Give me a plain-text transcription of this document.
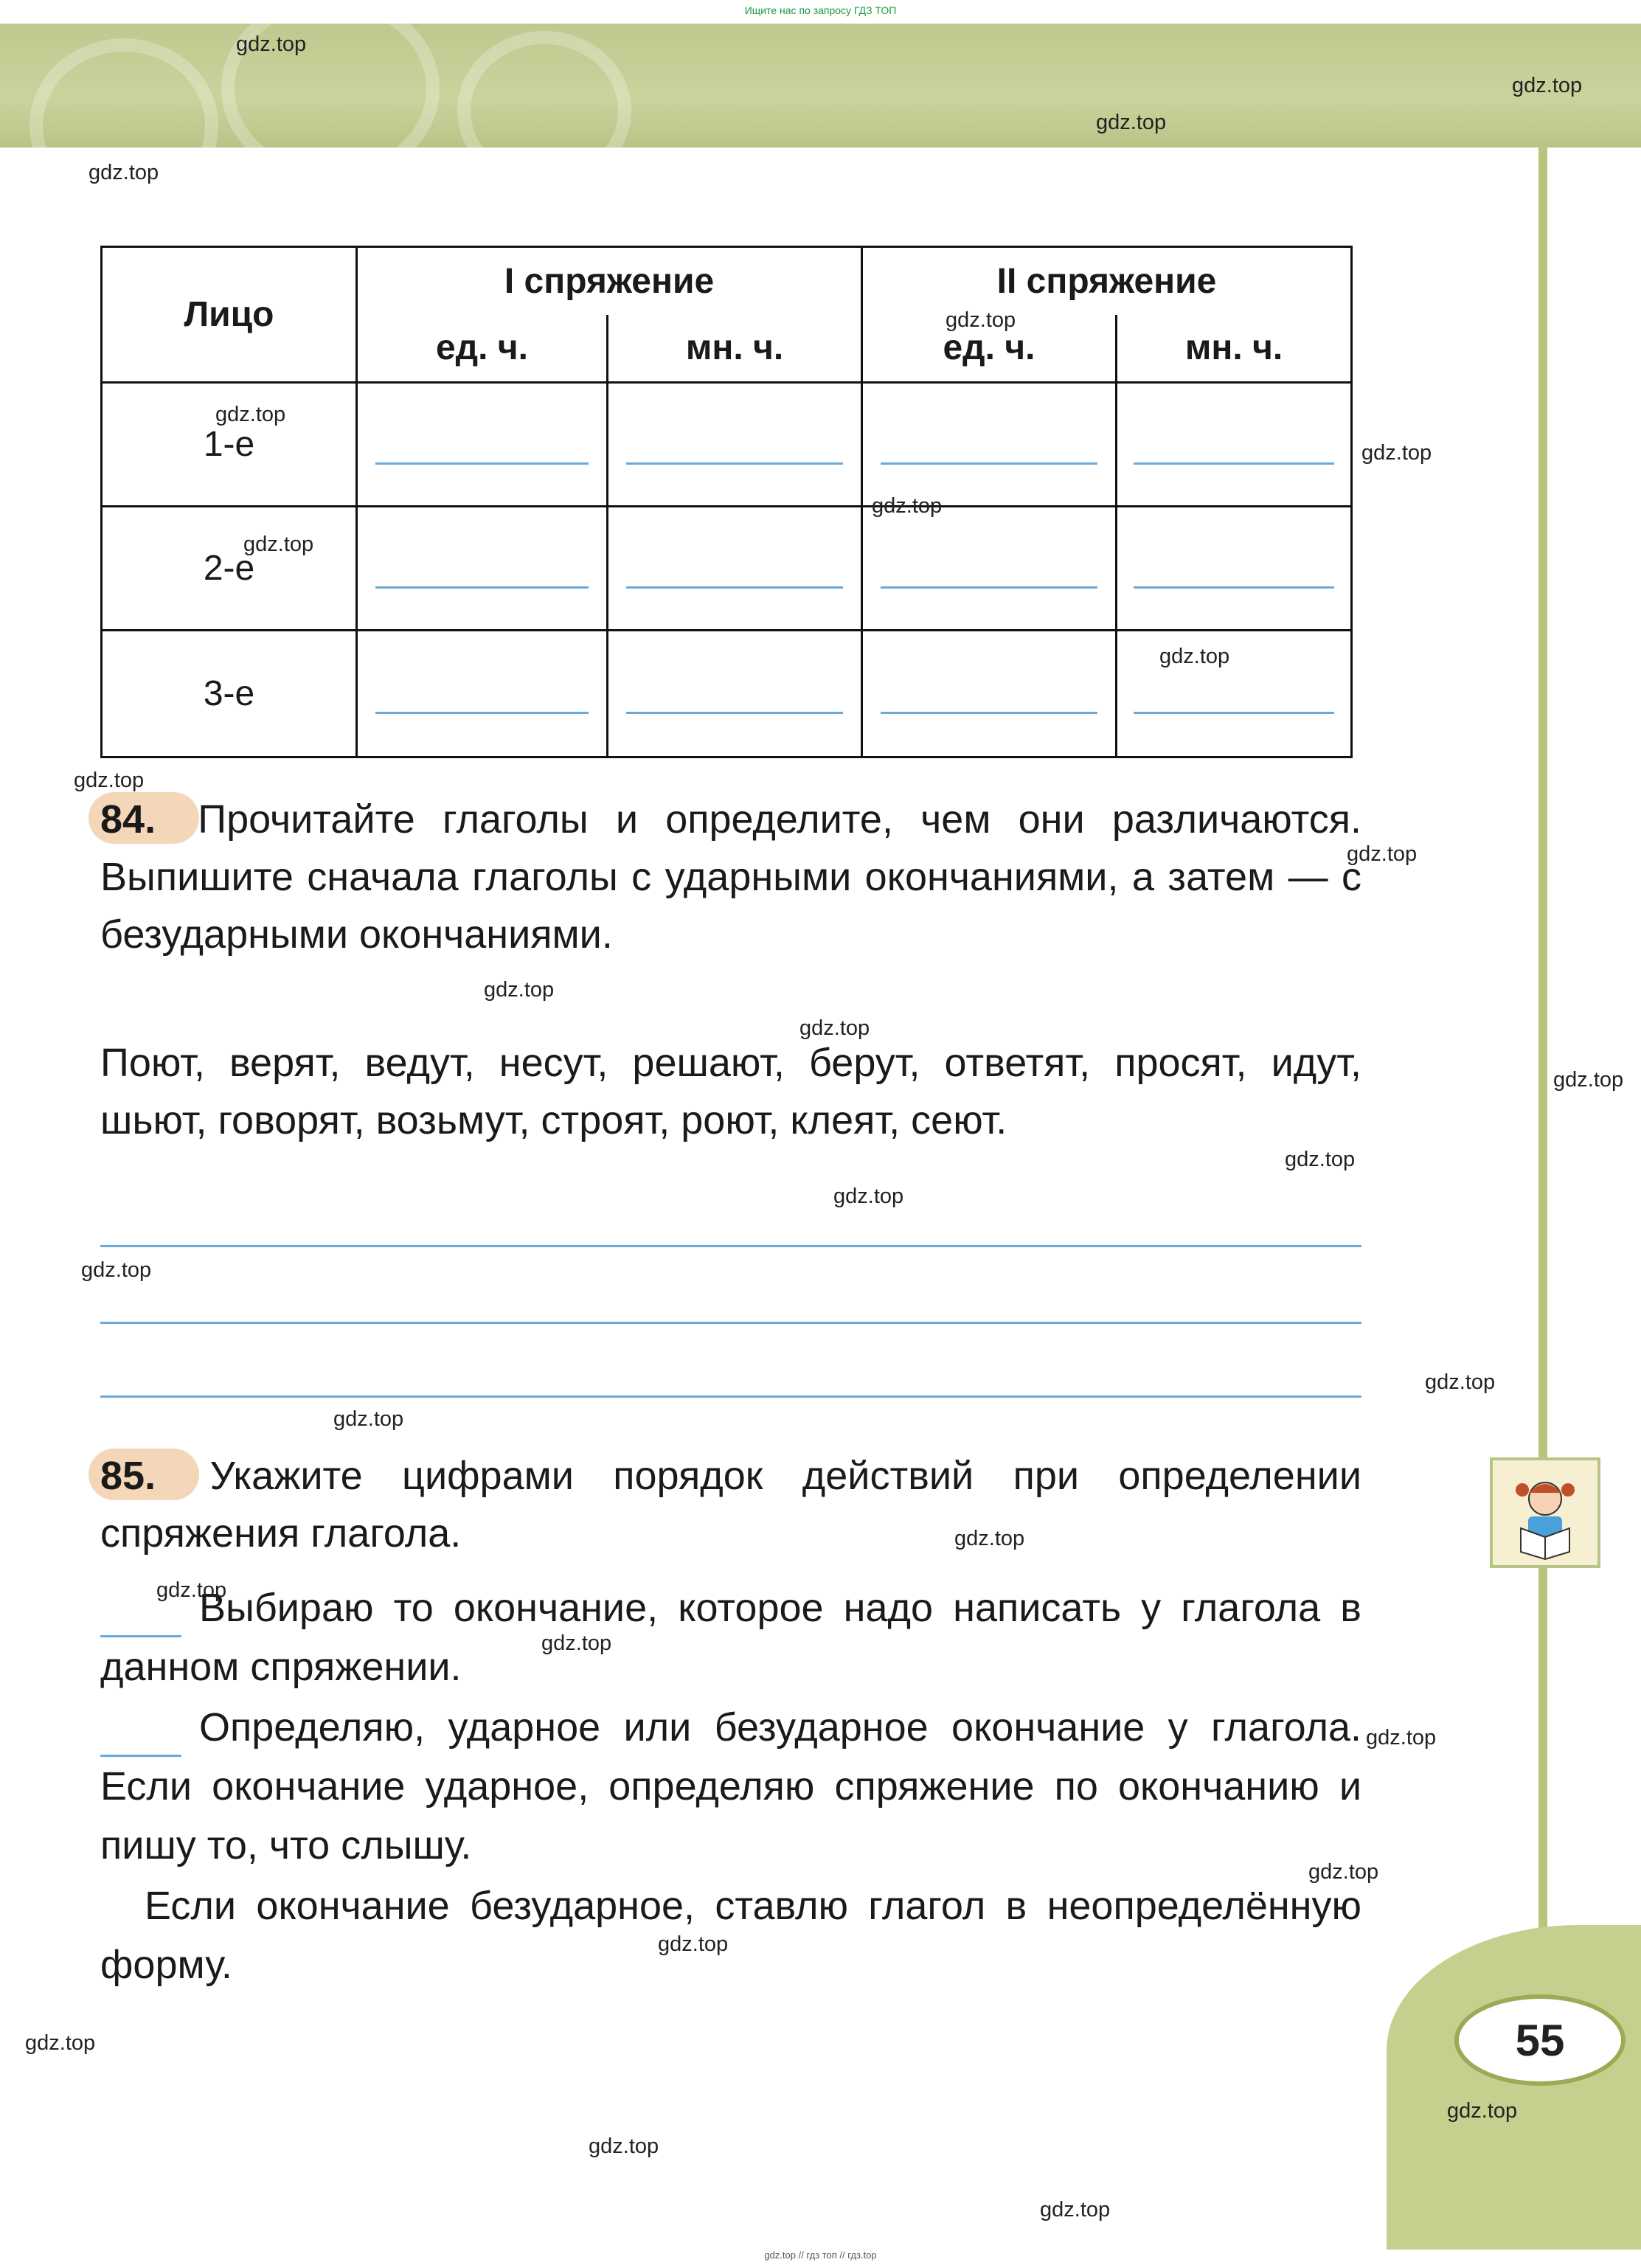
Ищите нас по запросу ГДЗ ТОП
55
Лицо	I спряжение		II спряжение	
	ед. ч.	мн. ч.	ед. ч.	мн. ч.
1-е				
2-е				
3-е				
84. Прочитайте глаголы и определите, чем они различаются. Выпишите сначала глаголы с ударными окончаниями, а затем — с безударными окончаниями.
Поют, верят, ведут, несут, решают, берут, ответят, просят, идут, шьют, говорят, возьмут, строят, роют, клеят, сеют.
85. Укажите цифрами порядок действий при определении спряжения глагола.
Выбираю то окончание, которое надо написать у глагола в данном спряжении.
Определяю, ударное или безударное окончание у глагола. Если окончание ударное, определяю спряжение по окончанию и пишу то, что слышу.
Если окончание безударное, ставлю глагол в неопределённую форму.
gdz.top
gdz.top
gdz.top
gdz.top
gdz.top
gdz.top
gdz.top
gdz.top
gdz.top
gdz.top
gdz.top
gdz.top
gdz.top
gdz.top
gdz.top
gdz.top
gdz.top
gdz.top
gdz.top
gdz.top
gdz.top
gdz.top
gdz.top
gdz.top
gdz.top
gdz.top
gdz.top
gdz.top
gdz.top
gdz.top
gdz.top // гдз топ // гдз.top
